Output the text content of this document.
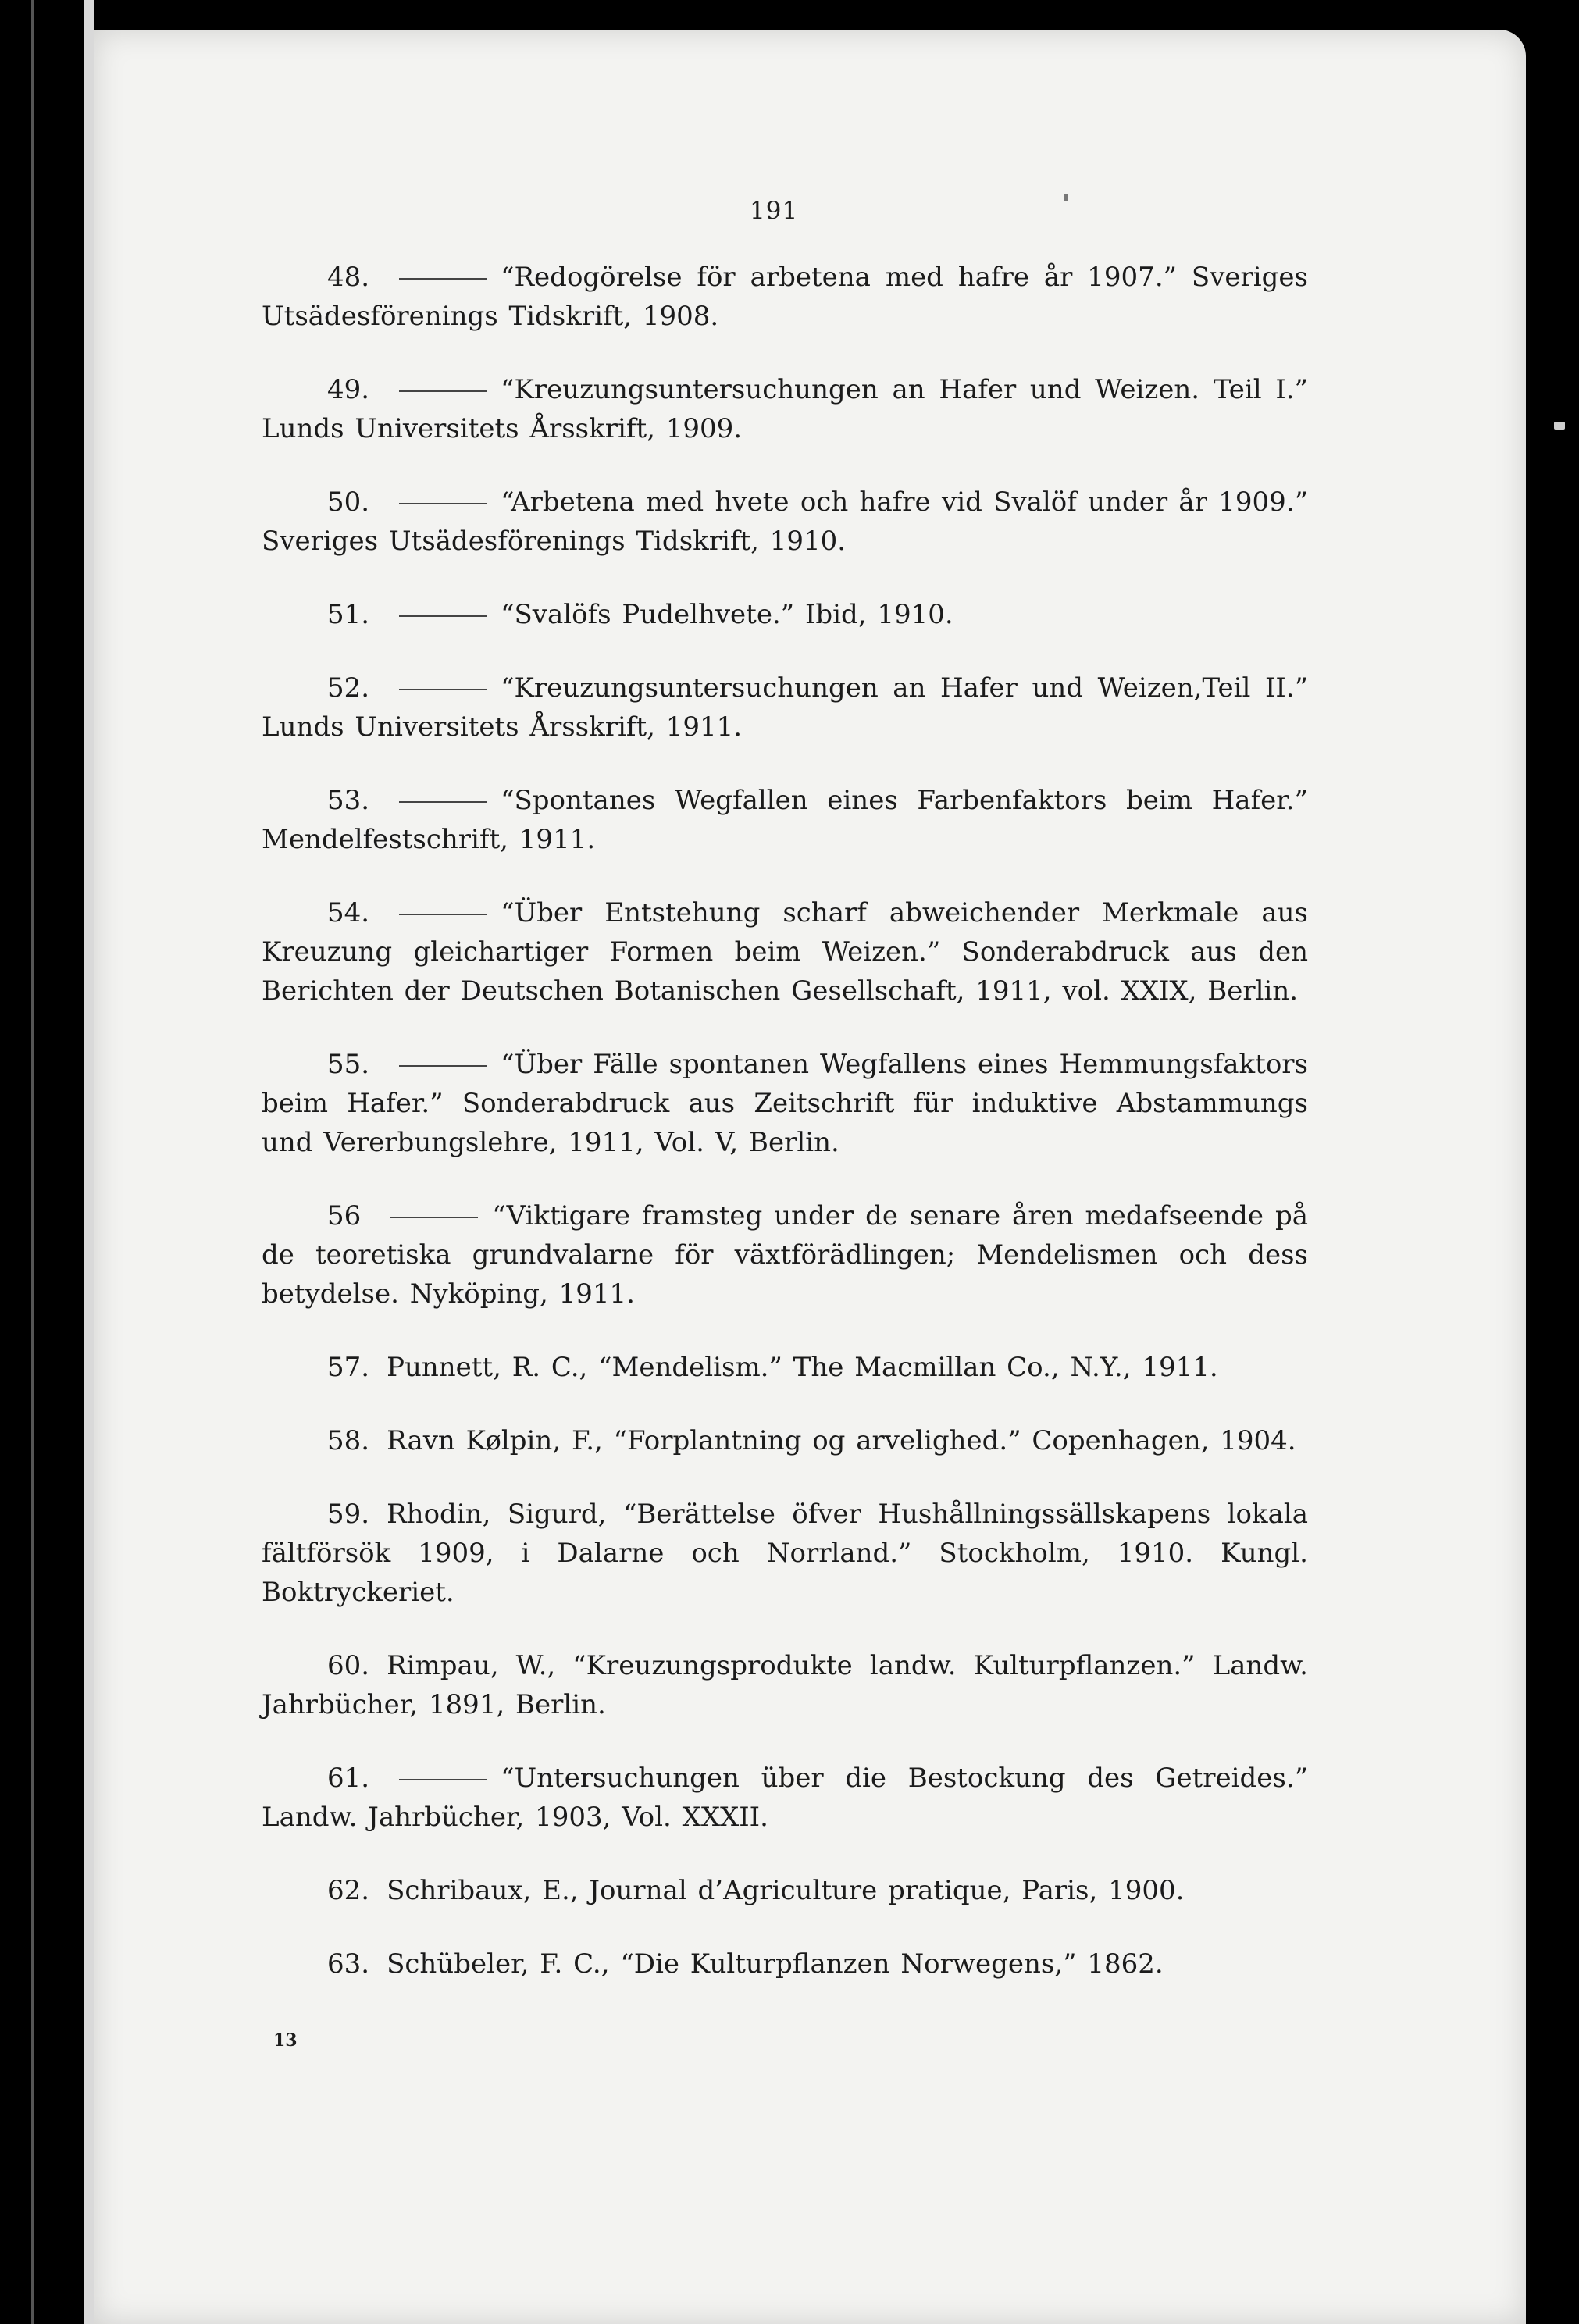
191
48.	“Redogörelse för arbetena med hafre år 1907.” Sveriges Utsädesförenings Tidskrift, 1908.
49.	“Kreuzungsuntersuchungen an Hafer und Weizen. Teil I.” Lunds Universitets Årsskrift, 1909.
50.	“Arbetena med hvete och hafre vid Svalöf under år 1909.” Sveriges Utsädesförenings Tidskrift, 1910.
51.	“Svalöfs Pudelhvete.” Ibid, 1910.
52.	“Kreuzungsuntersuchungen an Hafer und Weizen,Teil II.” Lunds Universitets Årsskrift, 1911.
53.	“Spontanes Wegfallen eines Farbenfaktors beim Hafer.” Mendelfestschrift, 1911.
54.	“Über Entstehung scharf abweichender Merkmale aus Kreuzung gleichartiger Formen beim Weizen.” Sonderabdruck aus den Berichten der Deutschen Botanischen Gesellschaft, 1911, vol. XXIX, Berlin.
55.	“Über Fälle spontanen Wegfallens eines Hemmungsfaktors beim Hafer.” Sonderabdruck aus Zeitschrift für induktive Abstammungs und Vererbungslehre, 1911, Vol. V, Berlin.
56	“Viktigare framsteg under de senare åren medafseende på de teoretiska grundvalarne för växtförädlingen; Mendelismen och dess betydelse. Nyköping, 1911.
57. Punnett, R. C., “Mendelism.” The Macmillan Co., N.Y., 1911.
58. Ravn Kølpin, F., “Forplantning og arvelighed.” Copenhagen, 1904.
59. Rhodin, Sigurd, “Berättelse öfver Hushållningssällskapens lokala fältförsök 1909, i Dalarne och Norrland.” Stockholm, 1910. Kungl. Boktryckeriet.
60. Rimpau, W., “Kreuzungsprodukte landw. Kulturpflanzen.” Landw. Jahrbücher, 1891, Berlin.
61.	“Untersuchungen über die Bestockung des Getreides.” Landw. Jahrbücher, 1903, Vol. XXXII.
62. Schribaux, E., Journal d’Agriculture pratique, Paris, 1900.
63. Schübeler, F. C., “Die Kulturpflanzen Norwegens,” 1862.
13
